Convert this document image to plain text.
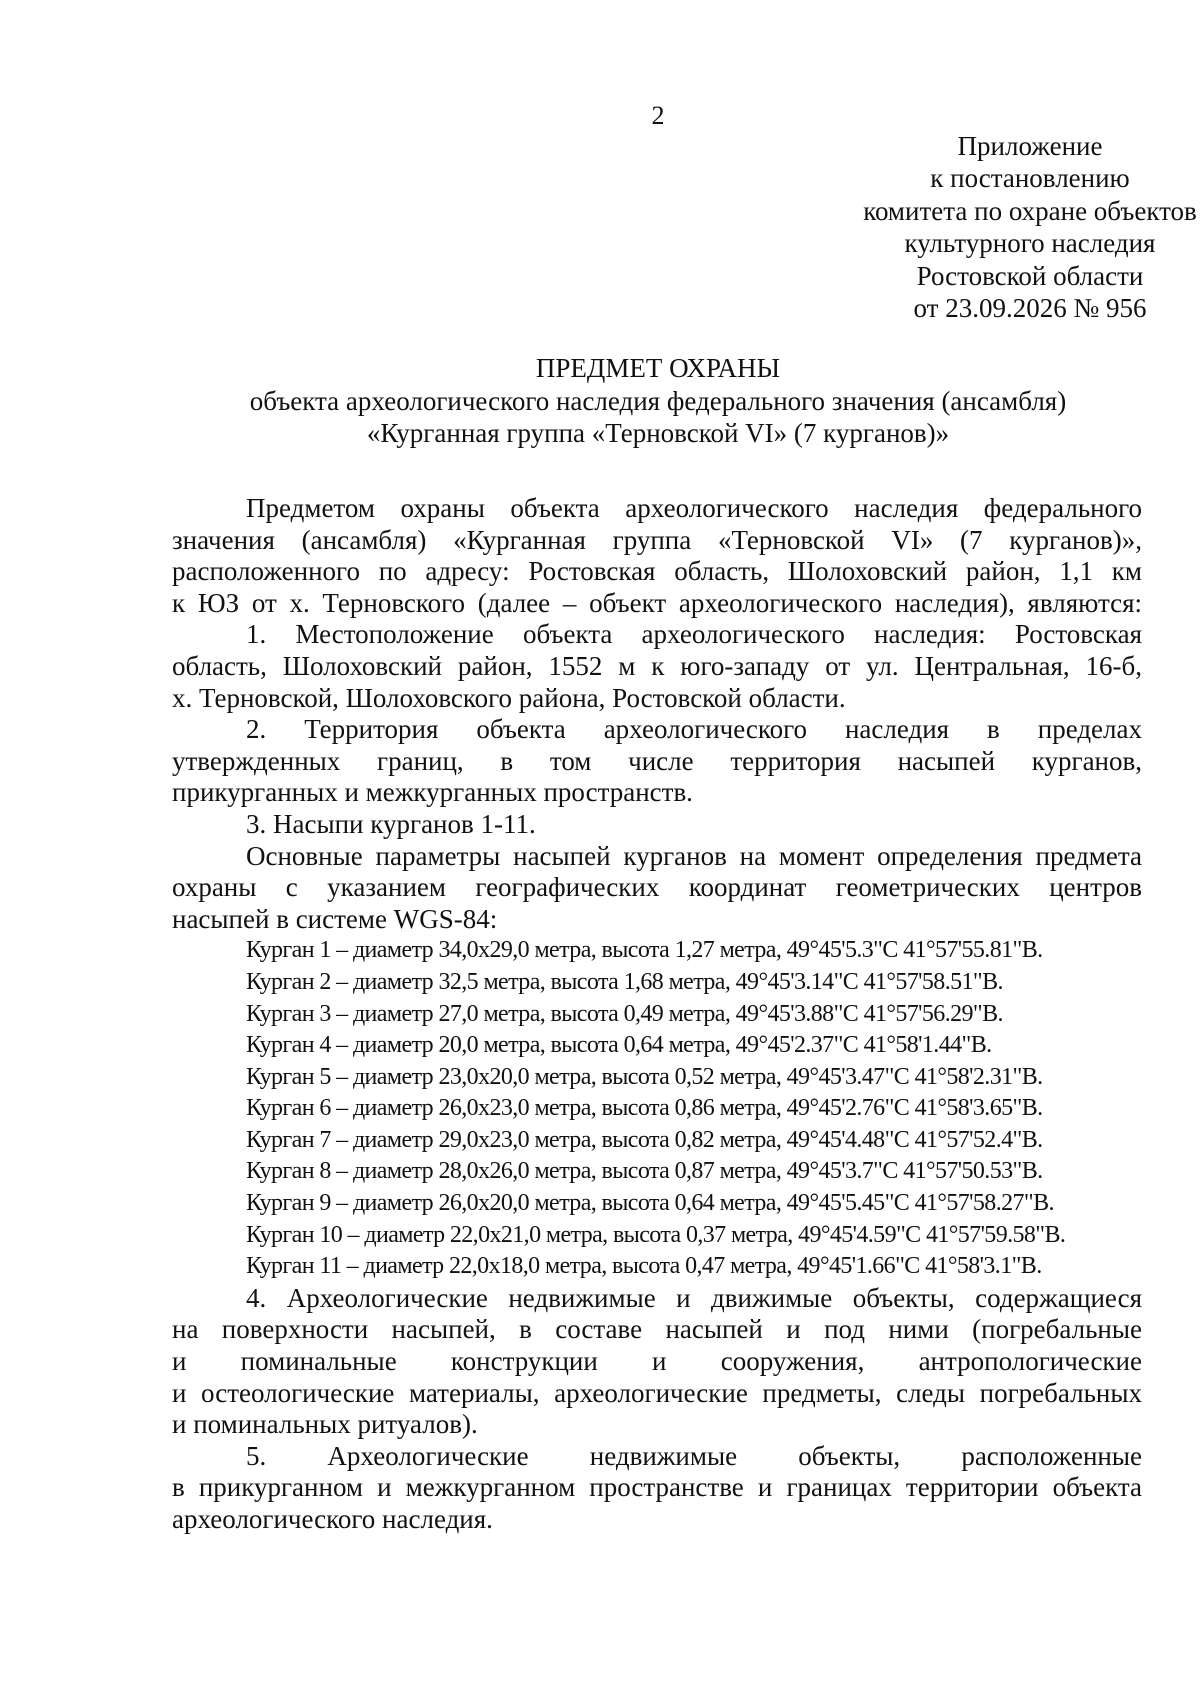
2
Приложение
к постановлению
комитета по охране объектов
культурного наследия
Ростовской области
от 23.09.2026 № 956
ПРЕДМЕТ ОХРАНЫ
объекта археологического наследия федерального значения (ансамбля)
«Курганная группа «Терновской VI» (7 курганов)»
Предметом охраны объекта археологического наследия федерального
значения (ансамбля) «Курганная группа «Терновской VI» (7 курганов)»,
расположенного по адресу: Ростовская область, Шолоховский район, 1,1 км
к ЮЗ от х. Терновского (далее – объект археологического наследия), являются:
1. Местоположение объекта археологического наследия: Ростовская
область, Шолоховский район, 1552 м к юго-западу от ул. Центральная, 16-б,
х. Терновской, Шолоховского района, Ростовской области.
2. Территория объекта археологического наследия в пределах
утвержденных границ, в том числе территория насыпей курганов,
прикурганных и межкурганных пространств.
3. Насыпи курганов 1-11.
Основные параметры насыпей курганов на момент определения предмета
охраны с указанием географических координат геометрических центров
насыпей в системе WGS-84:
Курган 1 – диаметр 34,0х29,0 метра, высота 1,27 метра, 49°45'5.3"С 41°57'55.81"В.
Курган 2 – диаметр 32,5 метра, высота 1,68 метра, 49°45'3.14"С 41°57'58.51"В.
Курган 3 – диаметр 27,0 метра, высота 0,49 метра, 49°45'3.88"С 41°57'56.29"В.
Курган 4 – диаметр 20,0 метра, высота 0,64 метра, 49°45'2.37"С 41°58'1.44"В.
Курган 5 – диаметр 23,0х20,0 метра, высота 0,52 метра, 49°45'3.47"С 41°58'2.31"В.
Курган 6 – диаметр 26,0х23,0 метра, высота 0,86 метра, 49°45'2.76"С 41°58'3.65"В.
Курган 7 – диаметр 29,0х23,0 метра, высота 0,82 метра, 49°45'4.48"С 41°57'52.4"В.
Курган 8 – диаметр 28,0х26,0 метра, высота 0,87 метра, 49°45'3.7"С 41°57'50.53"В.
Курган 9 – диаметр 26,0х20,0 метра, высота 0,64 метра, 49°45'5.45"С 41°57'58.27"В.
Курган 10 – диаметр 22,0х21,0 метра, высота 0,37 метра, 49°45'4.59"С 41°57'59.58"В.
Курган 11 – диаметр 22,0х18,0 метра, высота 0,47 метра, 49°45'1.66"С 41°58'3.1"В.
4. Археологические недвижимые и движимые объекты, содержащиеся
на поверхности насыпей, в составе насыпей и под ними (погребальные
и поминальные конструкции и сооружения, антропологические
и остеологические материалы, археологические предметы, следы погребальных
и поминальных ритуалов).
5. Археологические недвижимые объекты, расположенные
в прикурганном и межкурганном пространстве и границах территории объекта
археологического наследия.
